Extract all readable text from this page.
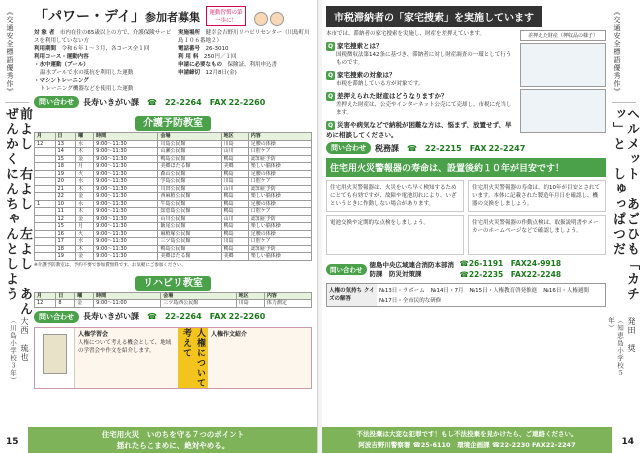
《交通安全標語優秀作》
前よし　右よし　左よし　あんぜんかくにんちゃんとしよう
大西　琉也
（川島小学校３年）
「パワー・デイ」参加者募集	運動習慣の第一歩に！
対 象 者　 市内在住の65歳以上の方で、介護保険サービスを利用していない方
利用期間　 令和６年１〜３月、各コース全１回
利用コース・運動内容
・水中運動（プール）
温水プールで水の抵抗を利用した運動
・マシントレーニング
トレーニング機器などを使用した運動
実施場所　 健幸会吉野川リハビリセンター（川島町川島１０６番地２）
電話番号　 26-3010
利 用 料　 250円／１回
申請に必要なもの　 保険証、利用申込書
申請締切　 12月8日(金)
問い合わせ	長寿いきがい課 ☎ 22-2264 FAX 22-2260
介護予防教室
月	日	曜	時間	会場	地区	内容
12	13	水	9:00〜11:30	川島公民館	川島	足腰の体操
	14	木	9:00〜11:30	山瀬公民館	山川	口腔ケア
	15	金	9:00〜11:30	鴨島公民館	鴨島	認知症予防
	18	月	9:00〜11:30	美郷ほたる館	美郷	楽しい脳体操
	19	火	9:00〜11:30	森山公民館	鴨島	足腰の体操
	20	水	9:00〜11:30	学島公民館	川島	口腔ケア
	21	木	9:00〜11:30	川田公民館	山川	認知症予防
	22	金	9:00〜11:30	西麻植公民館	鴨島	楽しい脳体操
1	10	水	9:00〜11:30	牛島公民館	鴨島	足腰の体操
	11	木	9:00〜11:30	知恵島公民館	鴨島	口腔ケア
	12	金	9:00〜11:30	山川公民館	山川	認知症予防
	15	月	9:00〜11:30	飯尾公民館	鴨島	楽しい脳体操
	16	火	9:00〜11:30	麻植塚公民館	鴨島	足腰の体操
	17	水	9:00〜11:30	三ツ島公民館	川島	口腔ケア
	18	木	9:00〜11:30	鴨島公民館	鴨島	認知症予防
	19	金	9:00〜11:30	美郷ほたる館	美郷	楽しい脳体操
※介護予防教室は、予約不要で参加費無料です。お気軽にご参加ください。
リハビリ教室
月	日	曜	時間	会場	地区	内容
12	8	金	9:00〜11:00	三ツ島西公民館	川島	体力測定
問い合わせ	長寿いきがい課 ☎ 22-2264 FAX 22-2260
人権学習会
人権について考える機会として、地域の学習会や作文を紹介します。	人権について考えて	人権作文紹介
15
住宅用火災　いのちを守る７つのポイント
揺れたらこまめに、絶対やめる。
市税滞納者の「家宅捜索」を実施しています
本市では、滞納者の家宅捜索を実施し、財産を差押えています。
Q 家宅捜索とは？
国税徴収法第142条に基づき、滞納者に対し財産調査の一環として行うものです。
Q 家宅捜索の対象は？
市税を滞納している方が対象です。
Q 差押えられた財産はどうなりますか？
差押えた財産は、公売やインターネット公売にて売却し、市税に充当します。
Q 災害や病気などで納税が困難な方は、悩まず、放置せず、早めに相談してください。
差押えた財産（押収品の様子）
問い合わせ	税務課 ☎ 22-2215 FAX 22-2247
住宅用火災警報器の寿命は、設置後約１０年が目安です！
住宅用火災警報器は、火災をいち早く検知するためにとても有効ですが、故障や電池切れにより、いざというときに作動しない場合があります。
住宅用火災警報器の寿命は、約10年が目安とされています。本体に記載された製造年月日を確認し、機器の交換をしましょう。
電池交換や定期的な点検をしましょう。	住宅用火災警報器の作動点検は、取扱説明書やメーカーのホームページなどで確認しましょう。
問い合わせ
徳島中央広域連合消防本部消防課　防災対策課
☎26-1191　 FAX24-9918
☎22-2235　 FAX22-2248
人権の気持ち クイズの解答
№13日・ラボーム №14日・7月 №15日・人権教育啓発推進 №16日・人権週間
№17日・全市民的な研修
《交通安全標語優秀作》
ヘルメット　あごひも「カチッ」と　しゅっぱつだ
発田　奨
（知恵島小学校５年）
14
不法投棄は大変な犯罪です！もし不法投棄を見かけたら、ご連絡ください。
阿波吉野川警察署 ☎25-6110　環境企画課 ☎22-2230 FAX22-2247
